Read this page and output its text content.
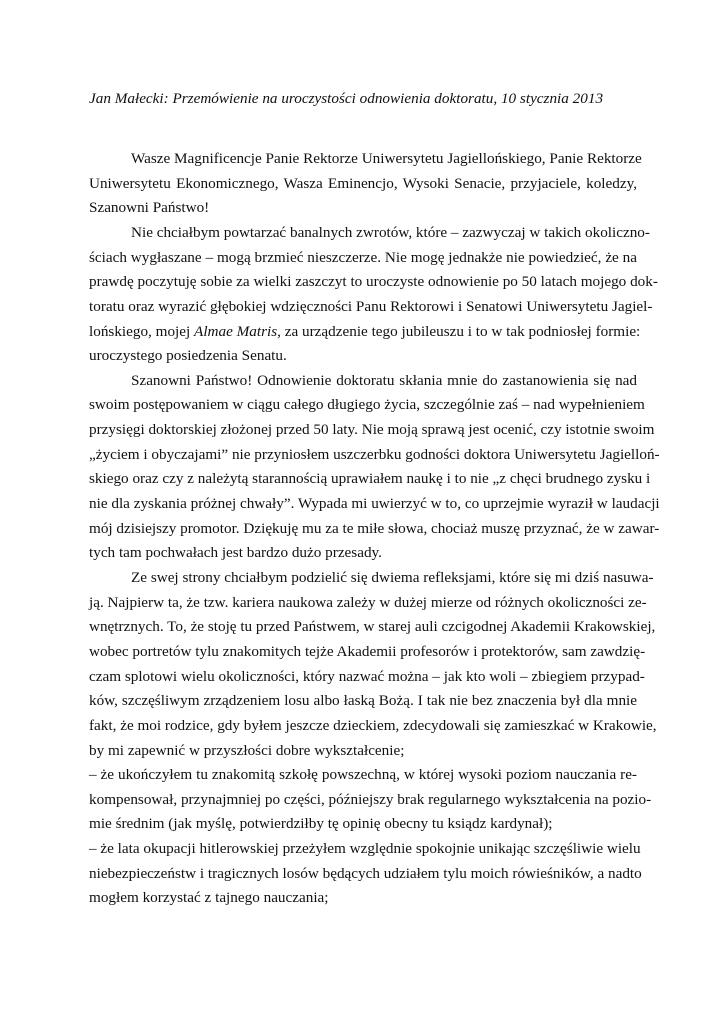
Jan Małecki: Przemówienie na uroczystości odnowienia doktoratu, 10 stycznia 2013
Wasze Magnificencje Panie Rektorze Uniwersytetu Jagiellońskiego, Panie Rektorze
Uniwersytetu Ekonomicznego, Wasza Eminencjo, Wysoki Senacie, przyjaciele, koledzy,
Szanowni Państwo!
Nie chciałbym powtarzać banalnych zwrotów, które – zazwyczaj w takich okoliczno-
ściach wygłaszane – mogą brzmieć nieszczerze. Nie mogę jednakże nie powiedzieć, że na
prawdę poczytuję sobie za wielki zaszczyt to uroczyste odnowienie po 50 latach mojego dok-
toratu oraz wyrazić głębokiej wdzięczności Panu Rektorowi i Senatowi Uniwersytetu Jagiel-
lońskiego, mojej Almae Matris, za urządzenie tego jubileuszu i to w tak podniosłej formie:
uroczystego posiedzenia Senatu.
Szanowni Państwo! Odnowienie doktoratu skłania mnie do zastanowienia się nad
swoim postępowaniem w ciągu całego długiego życia, szczególnie zaś – nad wypełnieniem
przysięgi doktorskiej złożonej przed 50 laty. Nie moją sprawą jest ocenić, czy istotnie swoim
„życiem i obyczajami” nie przyniosłem uszczerbku godności doktora Uniwersytetu Jagielloń-
skiego oraz czy z należytą starannością uprawiałem naukę i to nie „z chęci brudnego zysku i
nie dla zyskania próżnej chwały”. Wypada mi uwierzyć w to, co uprzejmie wyraził w laudacji
mój dzisiejszy promotor. Dziękuję mu za te miłe słowa, chociaż muszę przyznać, że w zawar-
tych tam pochwałach jest bardzo dużo przesady.
Ze swej strony chciałbym podzielić się dwiema refleksjami, które się mi dziś nasuwa-
ją. Najpierw ta, że tzw. kariera naukowa zależy w dużej mierze od różnych okoliczności ze-
wnętrznych. To, że stoję tu przed Państwem, w starej auli czcigodnej Akademii Krakowskiej,
wobec portretów tylu znakomitych tejże Akademii profesorów i protektorów, sam zawdzię-
czam splotowi wielu okoliczności, który nazwać można – jak kto woli – zbiegiem przypad-
ków, szczęśliwym zrządzeniem losu albo łaską Bożą. I tak nie bez znaczenia był dla mnie
fakt, że moi rodzice, gdy byłem jeszcze dzieckiem, zdecydowali się zamieszkać w Krakowie,
by mi zapewnić w przyszłości dobre wykształcenie;
– że ukończyłem tu znakomitą szkołę powszechną, w której wysoki poziom nauczania re-
kompensował, przynajmniej po części, późniejszy brak regularnego wykształcenia na pozio-
mie średnim (jak myślę, potwierdziłby tę opinię obecny tu ksiądz kardynał);
– że lata okupacji hitlerowskiej przeżyłem względnie spokojnie unikając szczęśliwie wielu
niebezpieczeństw i tragicznych losów będących udziałem tylu moich rówieśników, a nadto
mogłem korzystać z tajnego nauczania;
